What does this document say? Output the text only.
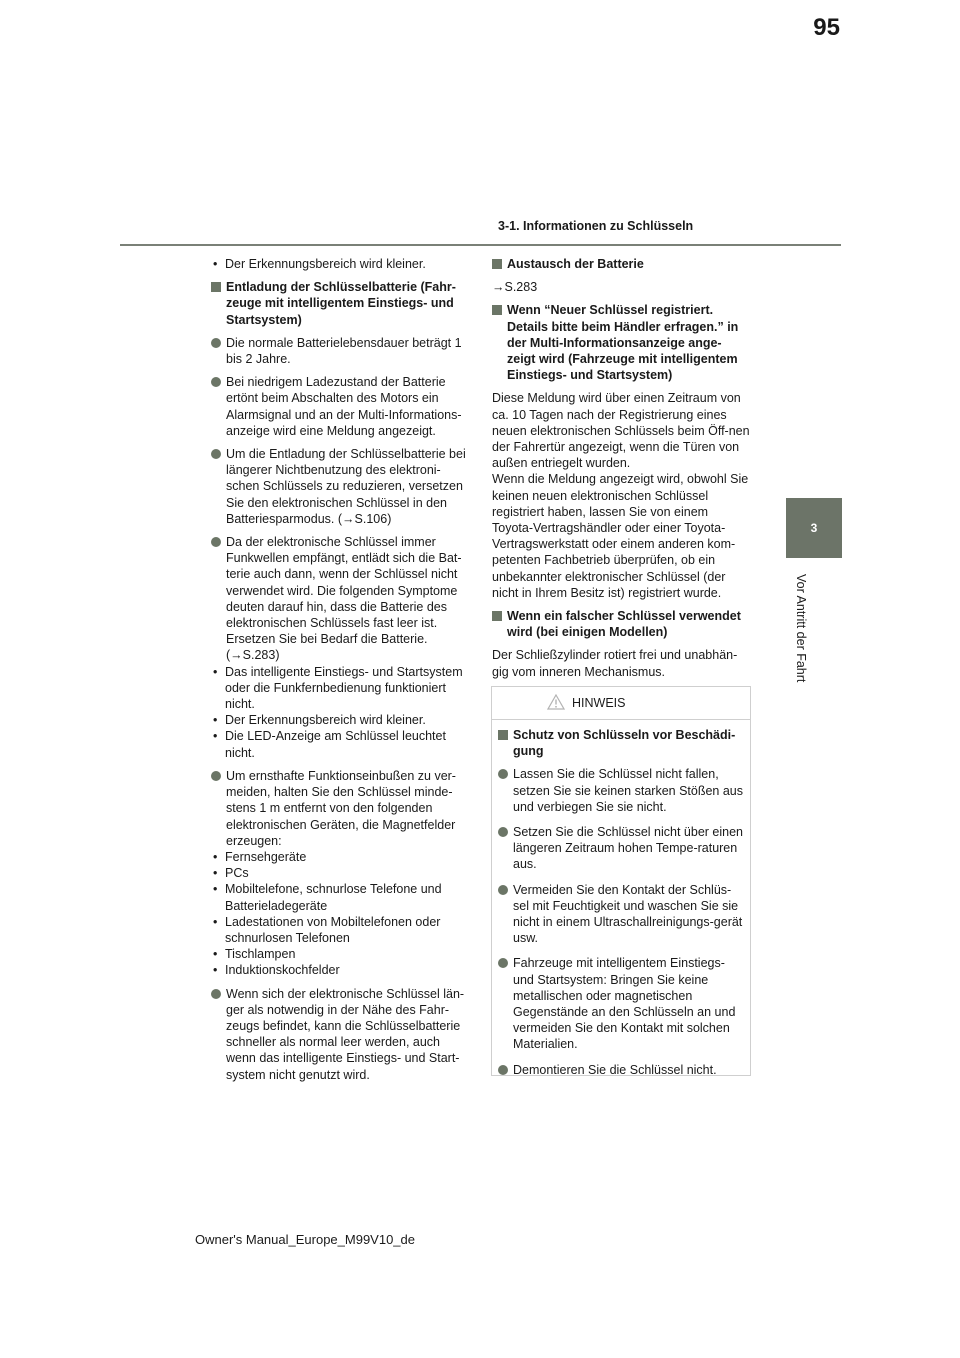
95
3-1. Informationen zu Schlüsseln
3
Vor Antritt der Fahrt
• Der Erkennungsbereich wird kleiner.
Entladung der Schlüsselbatterie (Fahr-zeuge mit intelligentem Einstiegs- und Startsystem)
Die normale Batterielebensdauer beträgt 1 bis 2 Jahre.
Bei niedrigem Ladezustand der Batterie ertönt beim Abschalten des Motors ein Alarmsignal und an der Multi-Informations-anzeige wird eine Meldung angezeigt.
Um die Entladung der Schlüsselbatterie bei längerer Nichtbenutzung des elektroni-schen Schlüssels zu reduzieren, versetzen Sie den elektronischen Schlüssel in den Batteriesparmodus. (→S.106)
Da der elektronische Schlüssel immer Funkwellen empfängt, entlädt sich die Bat-terie auch dann, wenn der Schlüssel nicht verwendet wird. Die folgenden Symptome deuten darauf hin, dass die Batterie des elektronischen Schlüssels fast leer ist. Ersetzen Sie bei Bedarf die Batterie. (→S.283)
• Das intelligente Einstiegs- und Startsystem oder die Funkfernbedienung funktioniert nicht.
• Der Erkennungsbereich wird kleiner.
• Die LED-Anzeige am Schlüssel leuchtet nicht.
Um ernsthafte Funktionseinbußen zu ver-meiden, halten Sie den Schlüssel minde-stens 1 m entfernt von den folgenden elektronischen Geräten, die Magnetfelder erzeugen:
• Fernsehgeräte
• PCs
• Mobiltelefone, schnurlose Telefone und Batterieladegeräte
• Ladestationen von Mobiltelefonen oder schnurlosen Telefonen
• Tischlampen
• Induktionskochfelder
Wenn sich der elektronische Schlüssel län-ger als notwendig in der Nähe des Fahr-zeugs befindet, kann die Schlüsselbatterie schneller als normal leer werden, auch wenn das intelligente Einstiegs- und Start-system nicht genutzt wird.
Austausch der Batterie
→S.283
Wenn “Neuer Schlüssel registriert. Details bitte beim Händler erfragen.” in der Multi-Informationsanzeige ange-zeigt wird (Fahrzeuge mit intelligentem Einstiegs- und Startsystem)
Diese Meldung wird über einen Zeitraum von ca. 10 Tagen nach der Registrierung eines neuen elektronischen Schlüssels beim Öff-nen der Fahrertür angezeigt, wenn die Türen von außen entriegelt wurden.
Wenn die Meldung angezeigt wird, obwohl Sie keinen neuen elektronischen Schlüssel registriert haben, lassen Sie von einem Toyota-Vertragshändler oder einer Toyota-Vertragswerkstatt oder einem anderen kom-petenten Fachbetrieb überprüfen, ob ein unbekannter elektronischer Schlüssel (der nicht in Ihrem Besitz ist) registriert wurde.
Wenn ein falscher Schlüssel verwendet wird (bei einigen Modellen)
Der Schließzylinder rotiert frei und unabhän-gig vom inneren Mechanismus.
HINWEIS
Schutz von Schlüsseln vor Beschädi-gung
Lassen Sie die Schlüssel nicht fallen, setzen Sie sie keinen starken Stößen aus und verbiegen Sie sie nicht.
Setzen Sie die Schlüssel nicht über einen längeren Zeitraum hohen Tempe-raturen aus.
Vermeiden Sie den Kontakt der Schlüs-sel mit Feuchtigkeit und waschen Sie sie nicht in einem Ultraschallreinigungs-gerät usw.
Fahrzeuge mit intelligentem Einstiegs- und Startsystem: Bringen Sie keine metallischen oder magnetischen Gegenstände an den Schlüsseln an und vermeiden Sie den Kontakt mit solchen Materialien.
Demontieren Sie die Schlüssel nicht.
Owner's Manual_Europe_M99V10_de
